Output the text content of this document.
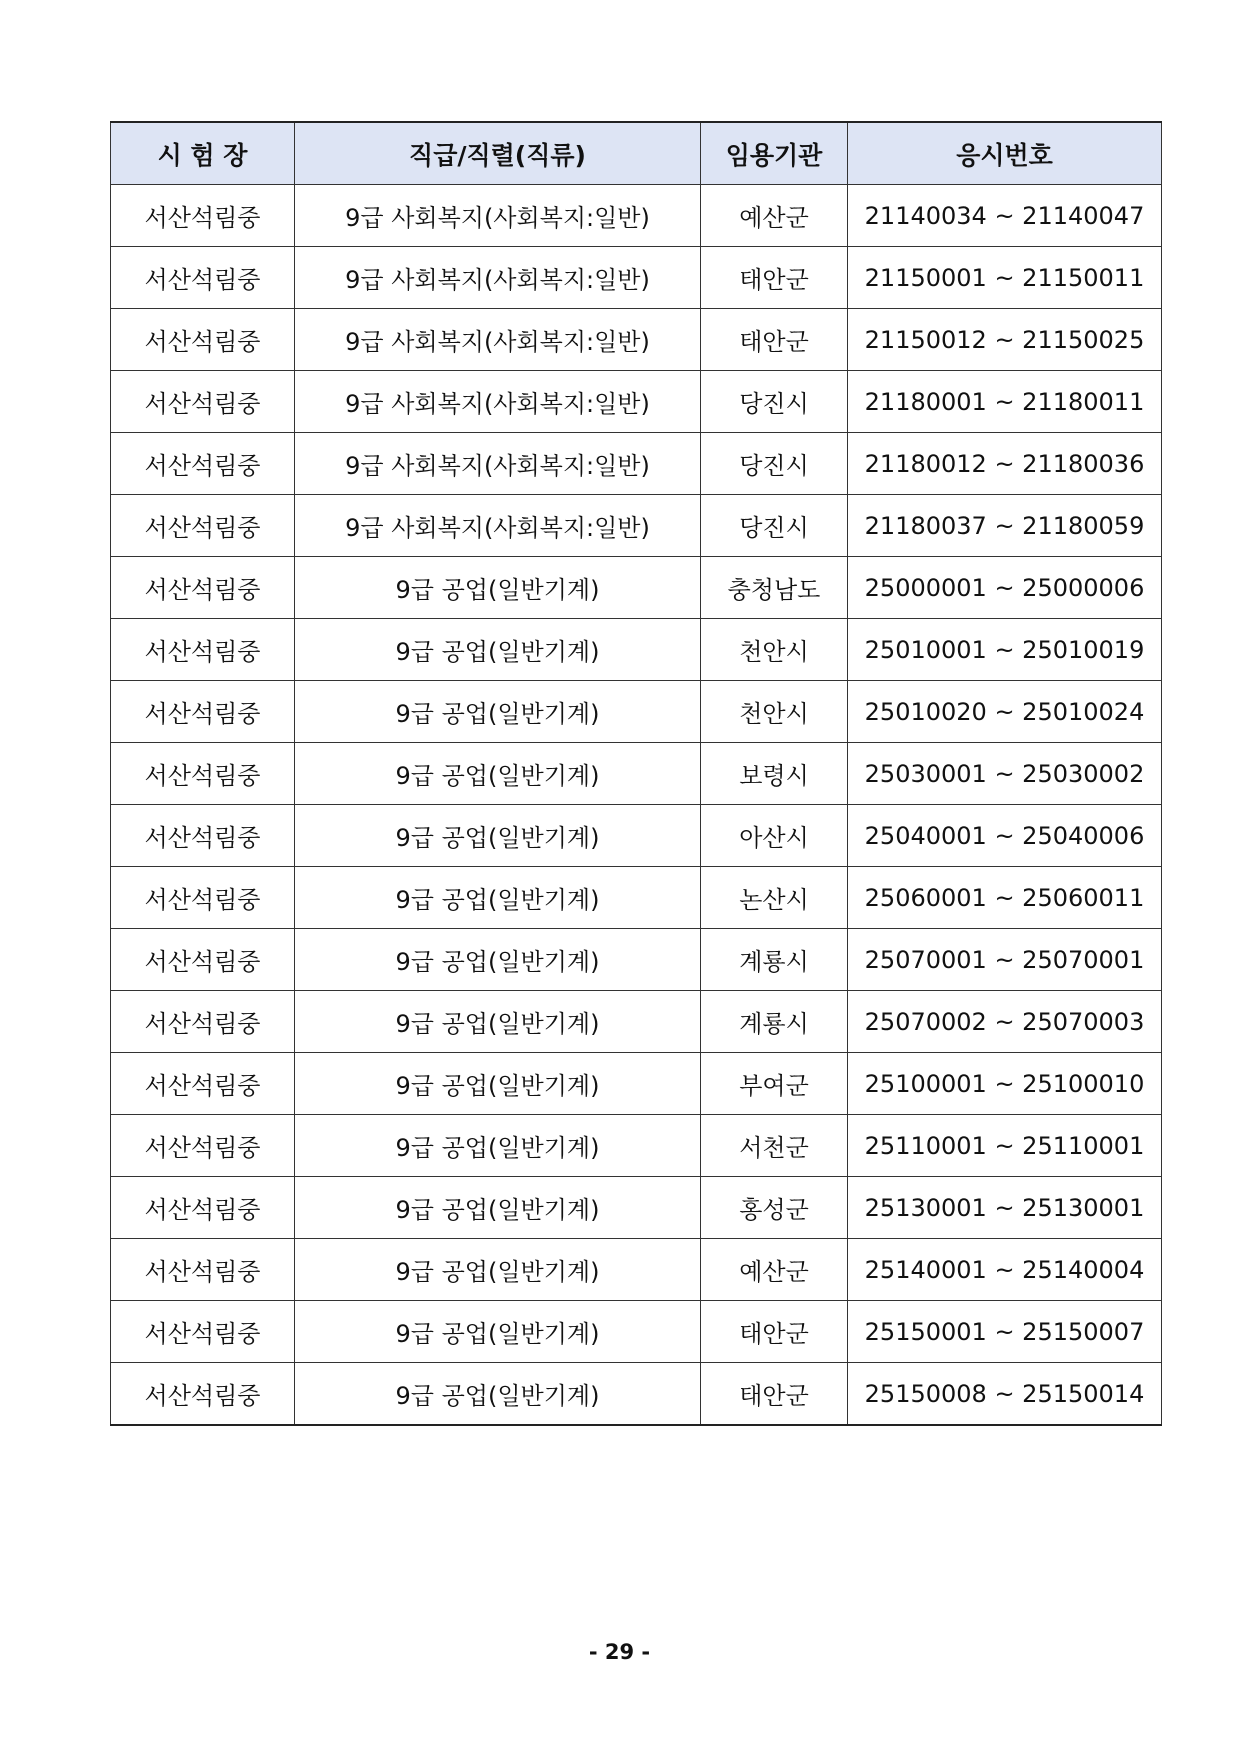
시 험 장	직급/직렬(직류)	임용기관	응시번호
서산석림중	9급 사회복지(사회복지:일반)	예산군	21140034 ~ 21140047
서산석림중	9급 사회복지(사회복지:일반)	태안군	21150001 ~ 21150011
서산석림중	9급 사회복지(사회복지:일반)	태안군	21150012 ~ 21150025
서산석림중	9급 사회복지(사회복지:일반)	당진시	21180001 ~ 21180011
서산석림중	9급 사회복지(사회복지:일반)	당진시	21180012 ~ 21180036
서산석림중	9급 사회복지(사회복지:일반)	당진시	21180037 ~ 21180059
서산석림중	9급 공업(일반기계)	충청남도	25000001 ~ 25000006
서산석림중	9급 공업(일반기계)	천안시	25010001 ~ 25010019
서산석림중	9급 공업(일반기계)	천안시	25010020 ~ 25010024
서산석림중	9급 공업(일반기계)	보령시	25030001 ~ 25030002
서산석림중	9급 공업(일반기계)	아산시	25040001 ~ 25040006
서산석림중	9급 공업(일반기계)	논산시	25060001 ~ 25060011
서산석림중	9급 공업(일반기계)	계룡시	25070001 ~ 25070001
서산석림중	9급 공업(일반기계)	계룡시	25070002 ~ 25070003
서산석림중	9급 공업(일반기계)	부여군	25100001 ~ 25100010
서산석림중	9급 공업(일반기계)	서천군	25110001 ~ 25110001
서산석림중	9급 공업(일반기계)	홍성군	25130001 ~ 25130001
서산석림중	9급 공업(일반기계)	예산군	25140001 ~ 25140004
서산석림중	9급 공업(일반기계)	태안군	25150001 ~ 25150007
서산석림중	9급 공업(일반기계)	태안군	25150008 ~ 25150014
- 29 -
